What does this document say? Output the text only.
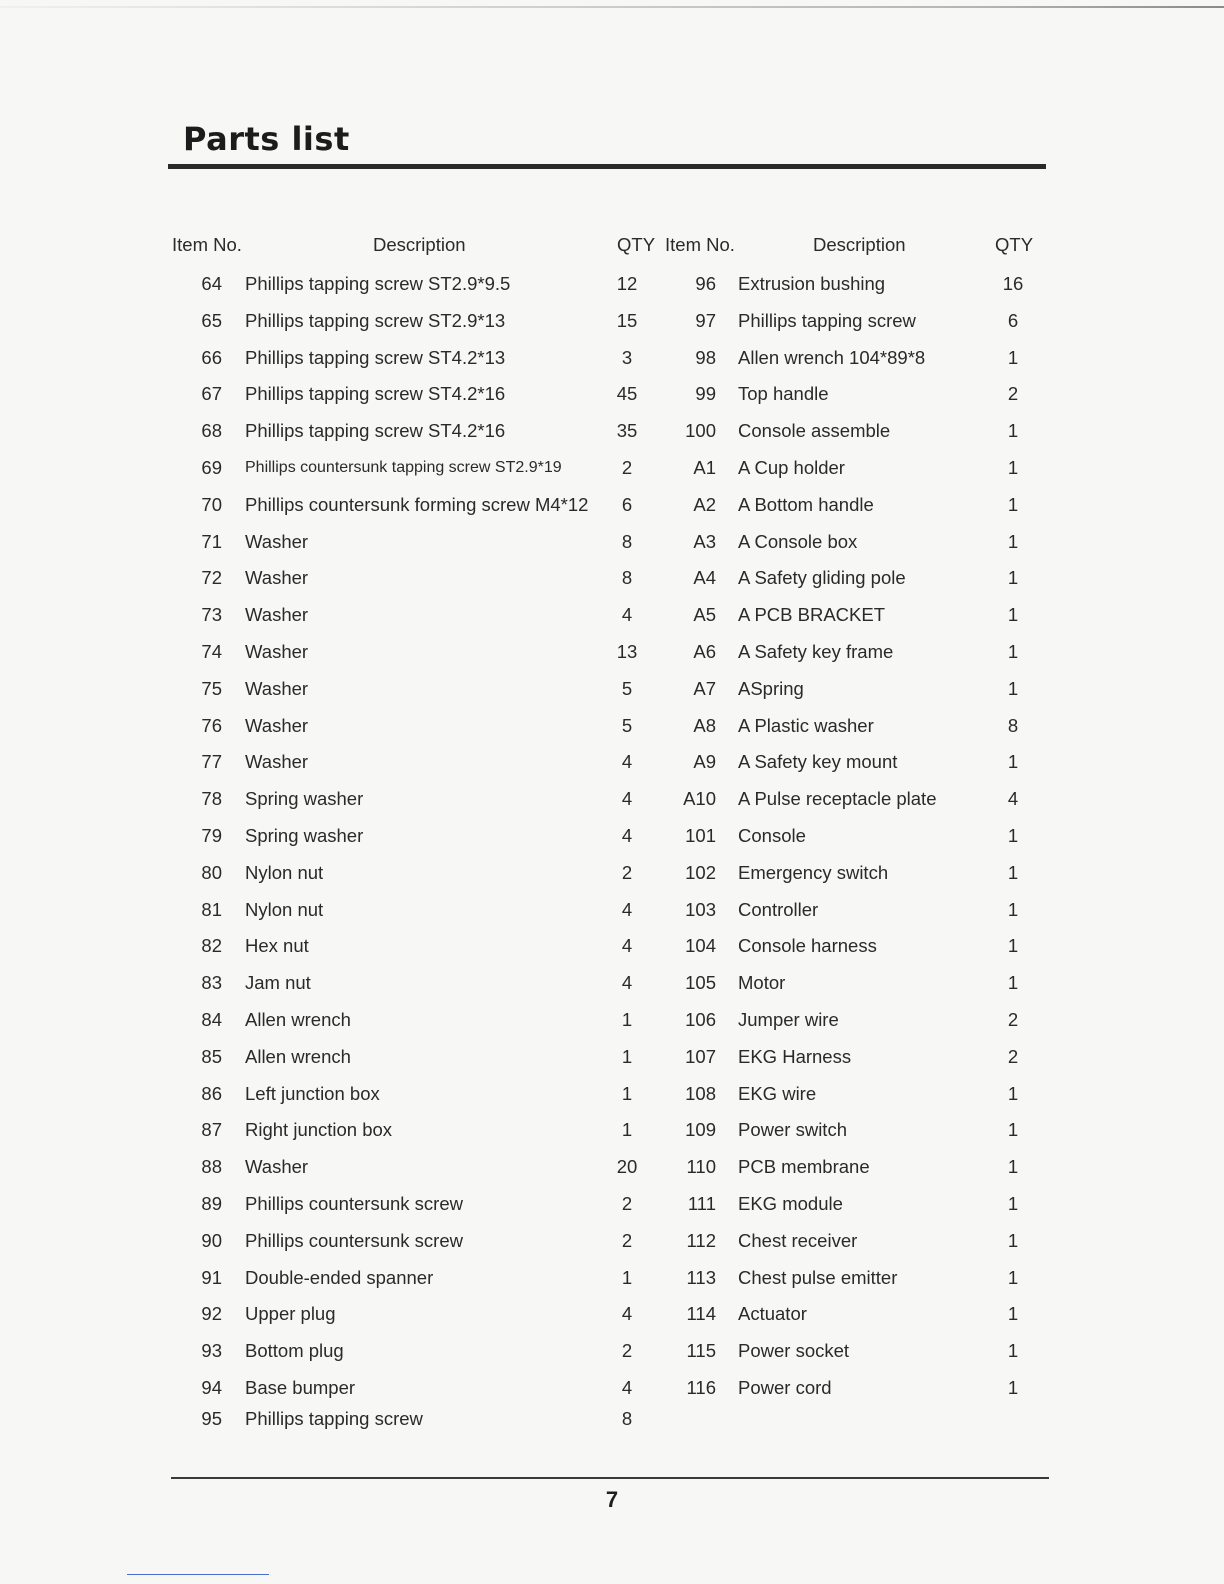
Parts list
Item No.	Description	QTY Item No.	Description	QTY
64 Phillips tapping screw ST2.9*9.5	12	96 Extrusion bushing	16
65 Phillips tapping screw ST2.9*13	15	97 Phillips tapping screw	6
66 Phillips tapping screw ST4.2*13	3	98 Allen wrench 104*89*8	1
67 Phillips tapping screw ST4.2*16	45	99 Top handle	2
68 Phillips tapping screw ST4.2*16	35	100 Console assemble	1
69 Phillips countersunk tapping screw ST2.9*19	2	A1 A Cup holder	1
70 Phillips countersunk forming screw M4*12	6	A2 A Bottom handle	1
71 Washer	8	A3 A Console box	1
72 Washer	8	A4 A Safety gliding pole	1
73 Washer	4	A5 A PCB BRACKET	1
74 Washer	13	A6 A Safety key frame	1
75 Washer	5	A7 ASpring	1
76 Washer	5	A8 A Plastic washer	8
77 Washer	4	A9 A Safety key mount	1
78 Spring washer	4	A10 A Pulse receptacle plate	4
79 Spring washer	4	101 Console	1
80 Nylon nut	2	102 Emergency switch	1
81 Nylon nut	4	103 Controller	1
82 Hex nut	4	104 Console harness	1
83 Jam nut	4	105 Motor	1
84 Allen wrench	1	106 Jumper wire	2
85 Allen wrench	1	107 EKG Harness	2
86 Left junction box	1	108 EKG wire	1
87 Right junction box	1	109 Power switch	1
88 Washer	20	110 PCB membrane	1
89 Phillips countersunk screw	2	111 EKG module	1
90 Phillips countersunk screw	2	112 Chest receiver	1
91 Double-ended spanner	1	113 Chest pulse emitter	1
92 Upper plug	4	114 Actuator	1
93 Bottom plug	2	115 Power socket	1
94 Base bumper	4	116 Power cord	1
95 Phillips tapping screw	8
7
